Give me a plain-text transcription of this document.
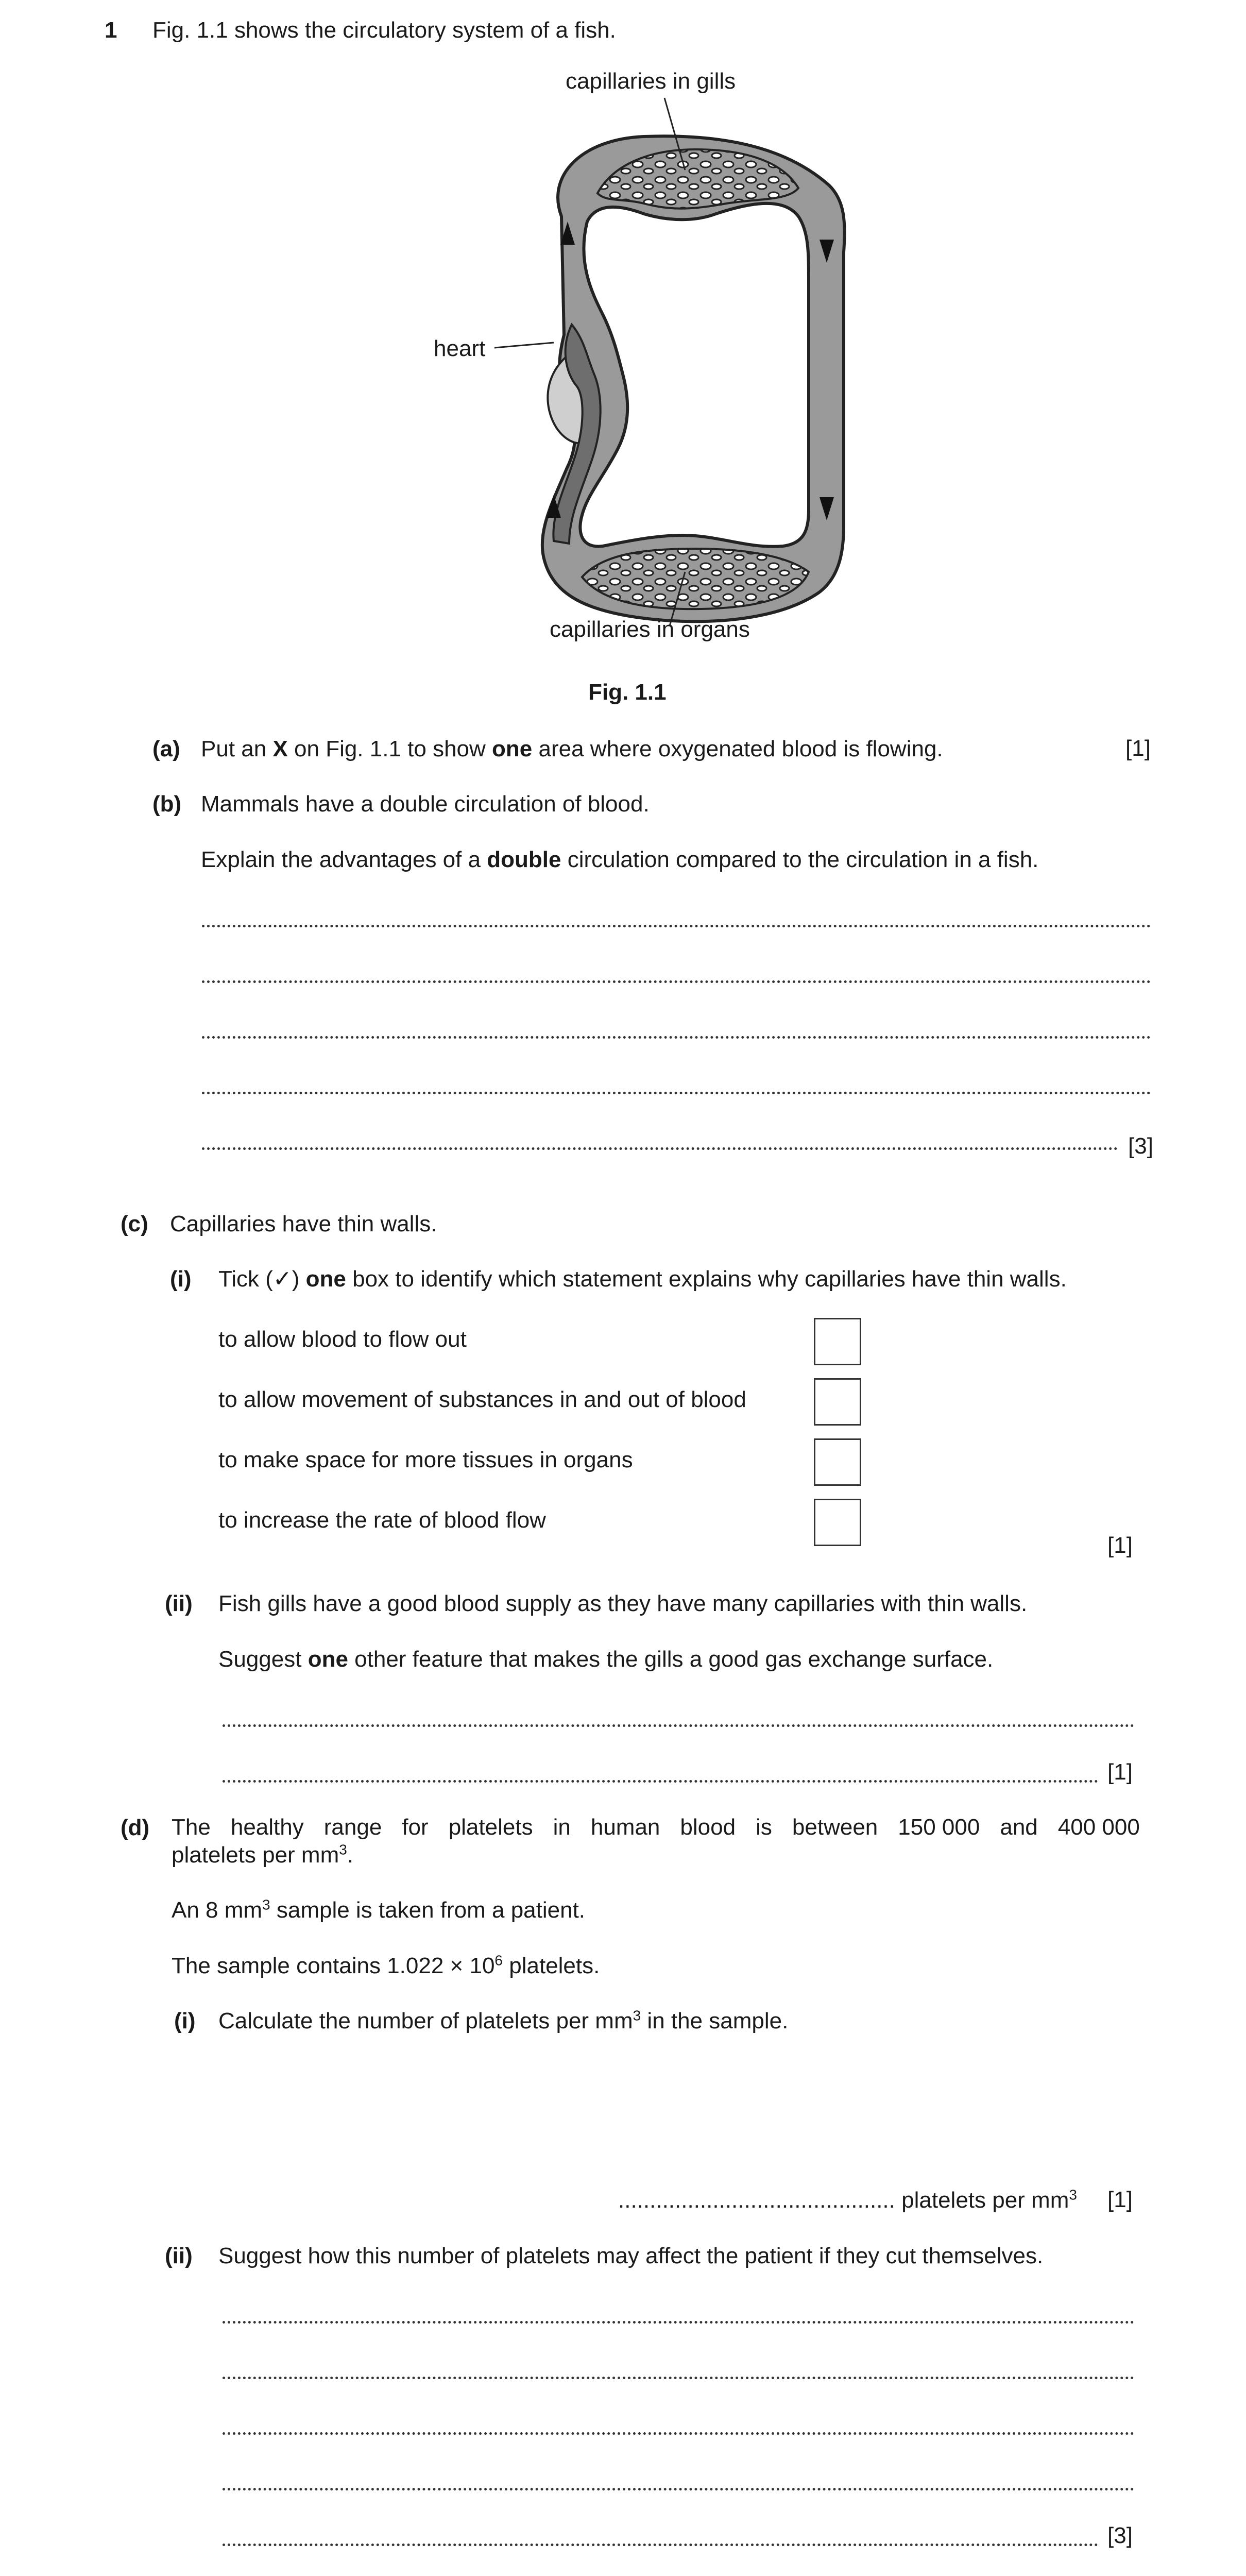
1 Fig. 1.1 shows the circulatory system of a fish.
capillaries in gills
heart
capillaries in organs
Fig. 1.1
(a) Put an X on Fig. 1.1 to show one area where oxygenated blood is flowing.	[1]
(b) Mammals have a double circulation of blood.
Explain the advantages of a double circulation compared to the circulation in a fish.
[3]
(c) Capillaries have thin walls.
(i) Tick (✓) one box to identify which statement explains why capillaries have thin walls.
to allow blood to flow out
to allow movement of substances in and out of blood
to make space for more tissues in organs
to increase the rate of blood flow
[1]
(ii) Fish gills have a good blood supply as they have many capillaries with thin walls.
Suggest one other feature that makes the gills a good gas exchange surface.
[1]
(d) The healthy range for platelets in human blood is between 150 000 and 400 000
platelets per $mm^3$.
An 8 $mm^3$ sample is taken from a patient.
The sample contains $1.022 \times 10^6$ platelets.
(i) Calculate the number of platelets per $mm^3$ in the sample.
............................................ platelets per $mm^3$ [1]
(ii) Suggest how this number of platelets may affect the patient if they cut themselves.
[3]
